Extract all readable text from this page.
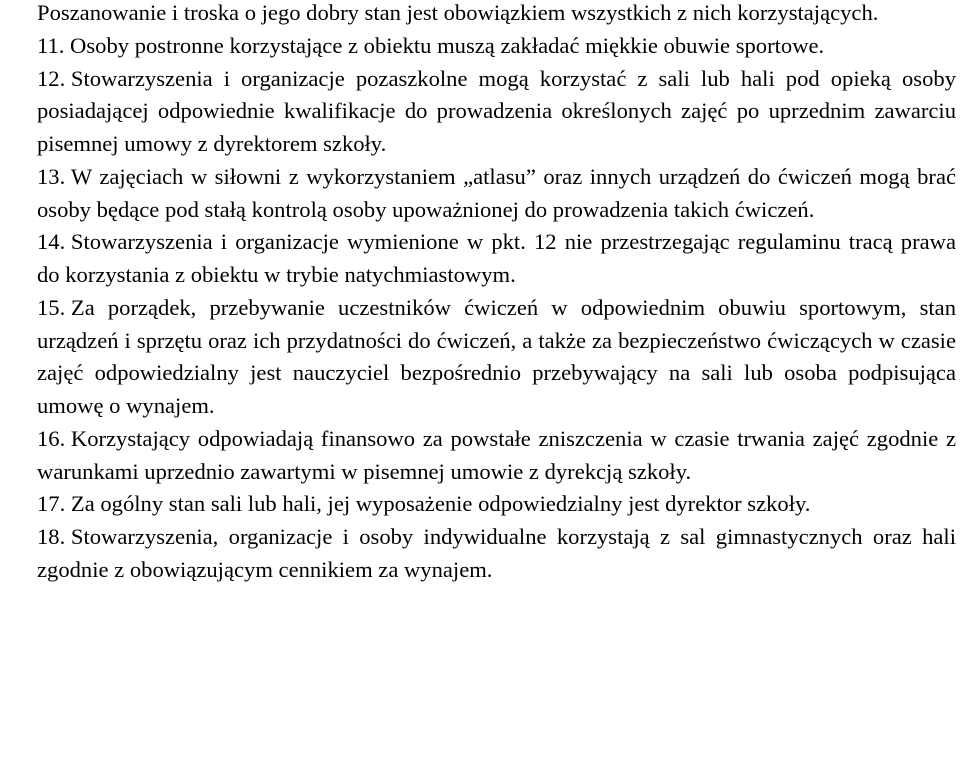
Poszanowanie i troska o jego dobry stan jest obowiązkiem wszystkich z nich korzystających.

11. Osoby postronne korzystające z obiektu muszą zakładać miękkie obuwie sportowe.

12. Stowarzyszenia i organizacje pozaszkolne mogą korzystać z sali lub hali pod opieką osoby posiadającej odpowiednie kwalifikacje do prowadzenia określonych zajęć po uprzednim zawarciu pisemnej umowy z dyrektorem szkoły.

13. W zajęciach w siłowni z wykorzystaniem „atlasu” oraz innych urządzeń do ćwiczeń mogą brać osoby będące pod stałą kontrolą osoby upoważnionej do prowadzenia takich ćwiczeń.

14. Stowarzyszenia i organizacje wymienione w pkt. 12 nie przestrzegając regulaminu tracą prawa do korzystania z obiektu w trybie natychmiastowym.

15. Za porządek, przebywanie uczestników ćwiczeń w odpowiednim obuwiu sportowym, stan urządzeń i sprzętu oraz ich przydatności do ćwiczeń, a także za bezpieczeństwo ćwiczących w czasie zajęć odpowiedzialny jest nauczyciel bezpośrednio przebywający na sali lub osoba podpisująca umowę o wynajem.

16. Korzystający odpowiadają finansowo za powstałe zniszczenia w czasie trwania zajęć zgodnie z warunkami uprzednio zawartymi w pisemnej umowie z dyrekcją szkoły.

17. Za ogólny stan sali lub hali, jej wyposażenie odpowiedzialny jest dyrektor szkoły.

18. Stowarzyszenia, organizacje i osoby indywidualne korzystają z sal gimnastycznych oraz hali zgodnie z obowiązującym cennikiem za wynajem.
